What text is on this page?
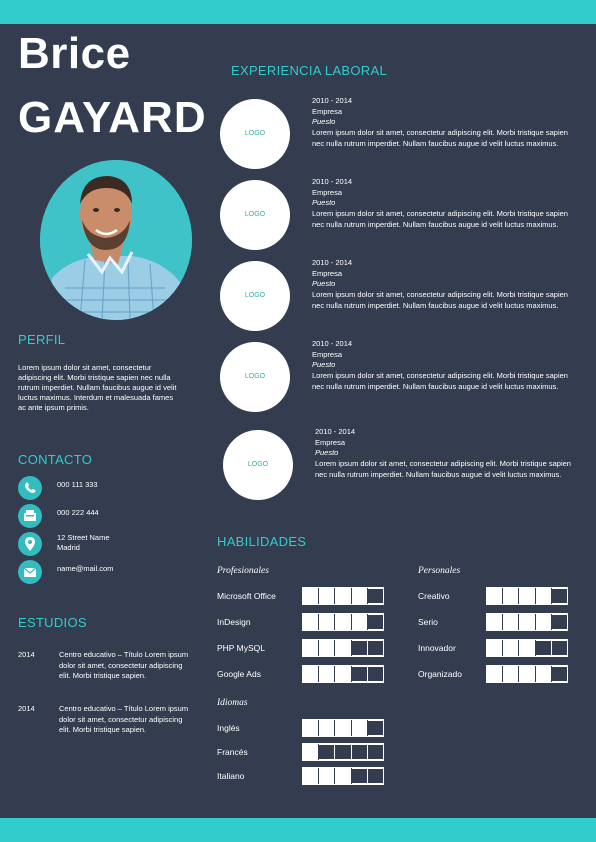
Brice
GAYARD
PERFIL
Lorem ipsum dolor sit amet, consectetur adipiscing elit. Morbi tristique sapien nec nulla rutrum imperdiet. Nullam faucibus augue id velit luctus maximus. Interdum et malesuada fames ac ante ipsum primis.
CONTACTO
000 111 333
000 222 444
12 Street Name
Madrid
name@mail.com
ESTUDIOS
2014	Centro educativo – Título Lorem ipsum dolor sit amet, consectetur adipiscing elit. Morbi tristique sapien.
2014	Centro educativo – Título Lorem ipsum dolor sit amet, consectetur adipiscing elit. Morbi tristique sapien.
EXPERIENCIA LABORAL
LOGO
2010 - 2014
Empresa
Puesto
Lorem ipsum dolor sit amet, consectetur adipiscing elit. Morbi tristique sapien nec nulla rutrum imperdiet. Nullam faucibus augue id velit luctus maximus.
LOGO
2010 - 2014
Empresa
Puesto
Lorem ipsum dolor sit amet, consectetur adipiscing elit. Morbi tristique sapien nec nulla rutrum imperdiet. Nullam faucibus augue id velit luctus maximus.
LOGO
2010 - 2014
Empresa
Puesto
Lorem ipsum dolor sit amet, consectetur adipiscing elit. Morbi tristique sapien nec nulla rutrum imperdiet. Nullam faucibus augue id velit luctus maximus.
LOGO
2010 - 2014
Empresa
Puesto
Lorem ipsum dolor sit amet, consectetur adipiscing elit. Morbi tristique sapien nec nulla rutrum imperdiet. Nullam faucibus augue id velit luctus maximus.
LOGO
2010 - 2014
Empresa
Puesto
Lorem ipsum dolor sit amet, consectetur adipiscing elit. Morbi tristique sapien nec nulla rutrum imperdiet. Nullam faucibus augue id velit luctus maximus.
HABILIDADES
Profesionales	Personales
Idiomas
Microsoft Office
InDesign
PHP MySQL
Google Ads
Creativo
Serio
Innovador
Organizado
Inglés
Francés
Italiano
